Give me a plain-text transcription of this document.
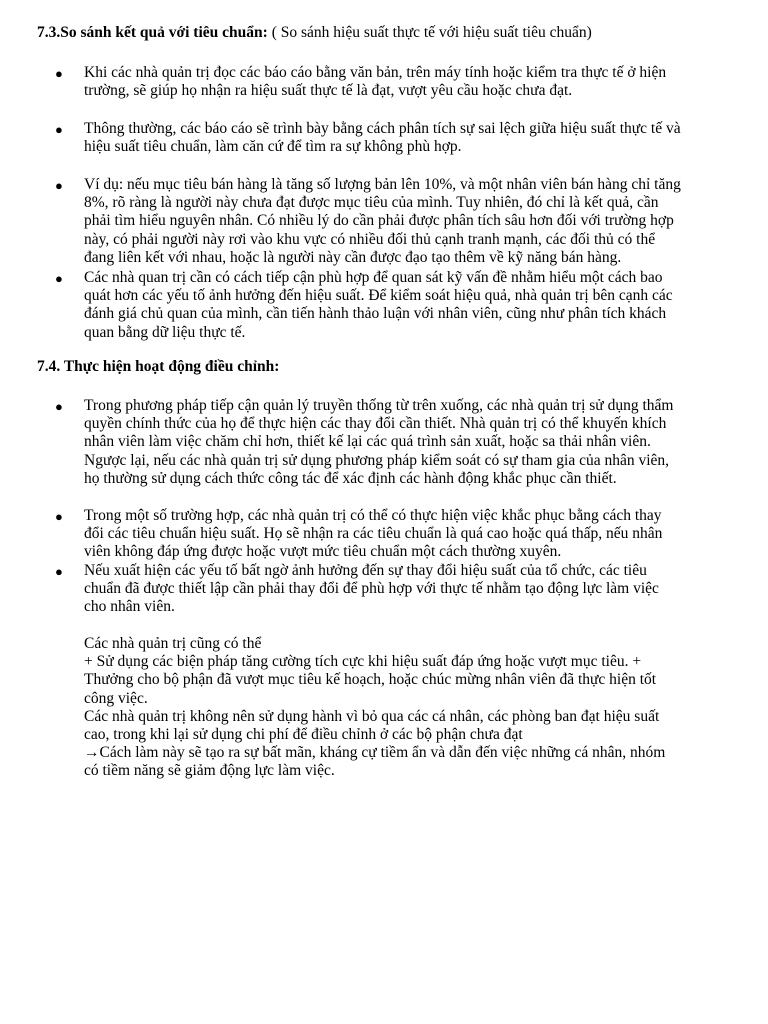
7.3.So sánh kết quả với tiêu chuẩn: ( So sánh hiệu suất thực tế với hiệu suất tiêu chuẩn)
● Khi các nhà quản trị đọc các báo cáo bằng văn bản, trên máy tính hoặc kiểm tra thực tế ở hiện
trường, sẽ giúp họ nhận ra hiệu suất thực tế là đạt, vượt yêu cầu hoặc chưa đạt.
● Thông thường, các báo cáo sẽ trình bày bằng cách phân tích sự sai lệch giữa hiệu suất thực tế và
hiệu suất tiêu chuẩn, làm căn cứ để tìm ra sự không phù hợp.
● Ví dụ: nếu mục tiêu bán hàng là tăng số lượng bản lên 10%, và một nhân viên bán hàng chỉ tăng
8%, rõ ràng là người này chưa đạt được mục tiêu của mình. Tuy nhiên, đó chỉ là kết quả, cần
phải tìm hiểu nguyên nhân. Có nhiều lý do cần phải được phân tích sâu hơn đối với trường hợp
này, có phải người này rơi vào khu vực có nhiều đối thủ cạnh tranh mạnh, các đối thủ có thể
đang liên kết với nhau, hoặc là người này cần được đạo tạo thêm về kỹ năng bán hàng.
● Các nhà quan trị cần có cách tiếp cận phù hợp để quan sát kỹ vấn đề nhằm hiểu một cách bao
quát hơn các yếu tố ảnh hưởng đến hiệu suất. Để kiểm soát hiệu quả, nhà quản trị bên cạnh các
đánh giá chủ quan của mình, cần tiến hành thảo luận với nhân viên, cũng như phân tích khách
quan bằng dữ liệu thực tế.
7.4. Thực hiện hoạt động điều chỉnh:
● Trong phương pháp tiếp cận quản lý truyền thống từ trên xuống, các nhà quản trị sử dụng thẩm
quyền chính thức của họ để thực hiện các thay đổi cần thiết. Nhà quản trị có thể khuyến khích
nhân viên làm việc chăm chỉ hơn, thiết kế lại các quá trình sản xuất, hoặc sa thải nhân viên.
Ngược lại, nếu các nhà quản trị sử dụng phương pháp kiểm soát có sự tham gia của nhân viên,
họ thường sử dụng cách thức công tác để xác định các hành động khắc phục cần thiết.
● Trong một số trường hợp, các nhà quản trị có thể có thực hiện việc khắc phục bằng cách thay
đổi các tiêu chuẩn hiệu suất. Họ sẽ nhận ra các tiêu chuẩn là quá cao hoặc quá thấp, nếu nhân
viên không đáp ứng được hoặc vượt mức tiêu chuẩn một cách thường xuyên.
● Nếu xuất hiện các yếu tố bất ngờ ảnh hưởng đến sự thay đổi hiệu suất của tổ chức, các tiêu
chuẩn đã được thiết lập cần phải thay đổi để phù hợp với thực tế nhằm tạo động lực làm việc
cho nhân viên.
Các nhà quản trị cũng có thể
+ Sử dụng các biện pháp tăng cường tích cực khi hiệu suất đáp ứng hoặc vượt mục tiêu. +
Thưởng cho bộ phận đã vượt mục tiêu kế hoạch, hoặc chúc mừng nhân viên đã thực hiện tốt
công việc.
Các nhà quản trị không nên sử dụng hành vì bỏ qua các cá nhân, các phòng ban đạt hiệu suất
cao, trong khi lại sử dụng chi phí để điều chỉnh ở các bộ phận chưa đạt
→Cách làm này sẽ tạo ra sự bất mãn, kháng cự tiềm ẩn và dẫn đến việc những cá nhân, nhóm
có tiềm năng sẽ giảm động lực làm việc.
